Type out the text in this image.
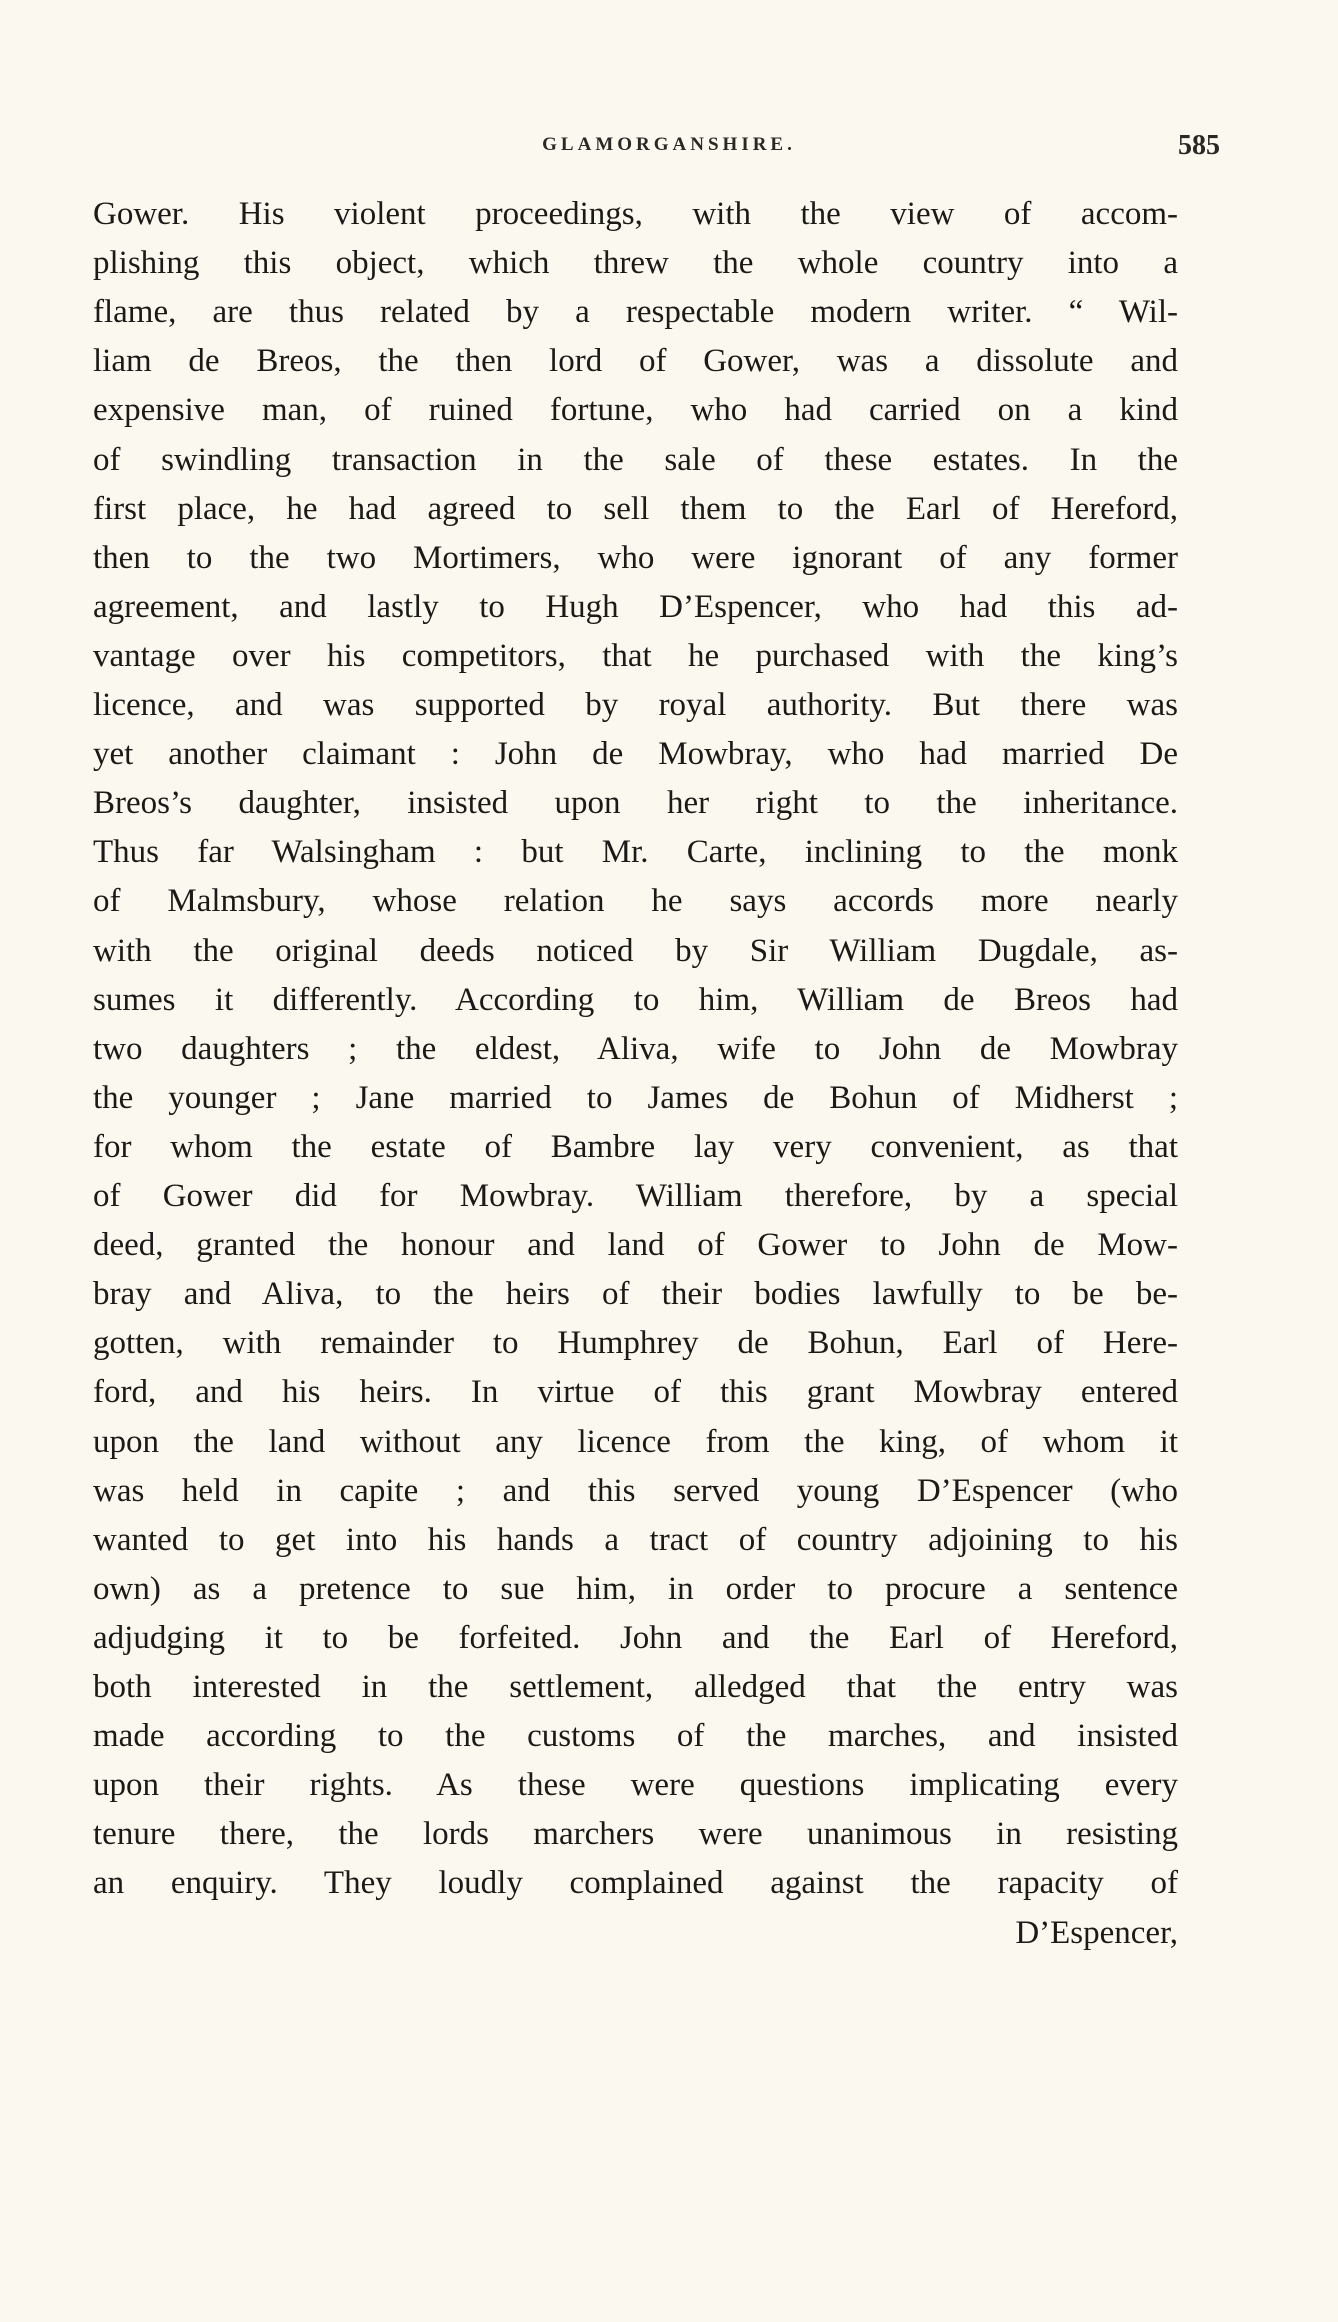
GLAMORGANSHIRE.	585
Gower. His violent proceedings, with the view of accom-
plishing this object, which threw the whole country into a
flame, are thus related by a respectable modern writer. “ Wil-
liam de Breos, the then lord of Gower, was a dissolute and
expensive man, of ruined fortune, who had carried on a kind
of swindling transaction in the sale of these estates. In the
first place, he had agreed to sell them to the Earl of Hereford,
then to the two Mortimers, who were ignorant of any former
agreement, and lastly to Hugh D’Espencer, who had this ad-
vantage over his competitors, that he purchased with the king’s
licence, and was supported by royal authority. But there was
yet another claimant : John de Mowbray, who had married De
Breos’s daughter, insisted upon her right to the inheritance.
Thus far Walsingham : but Mr. Carte, inclining to the monk
of Malmsbury, whose relation he says accords more nearly
with the original deeds noticed by Sir William Dugdale, as-
sumes it differently. According to him, William de Breos had
two daughters ; the eldest, Aliva, wife to John de Mowbray
the younger ; Jane married to James de Bohun of Midherst ;
for whom the estate of Bambre lay very convenient, as that
of Gower did for Mowbray. William therefore, by a special
deed, granted the honour and land of Gower to John de Mow-
bray and Aliva, to the heirs of their bodies lawfully to be be-
gotten, with remainder to Humphrey de Bohun, Earl of Here-
ford, and his heirs. In virtue of this grant Mowbray entered
upon the land without any licence from the king, of whom it
was held in capite ; and this served young D’Espencer (who
wanted to get into his hands a tract of country adjoining to his
own) as a pretence to sue him, in order to procure a sentence
adjudging it to be forfeited. John and the Earl of Hereford,
both interested in the settlement, alledged that the entry was
made according to the customs of the marches, and insisted
upon their rights. As these were questions implicating every
tenure there, the lords marchers were unanimous in resisting
an enquiry. They loudly complained against the rapacity of
D’Espencer,
